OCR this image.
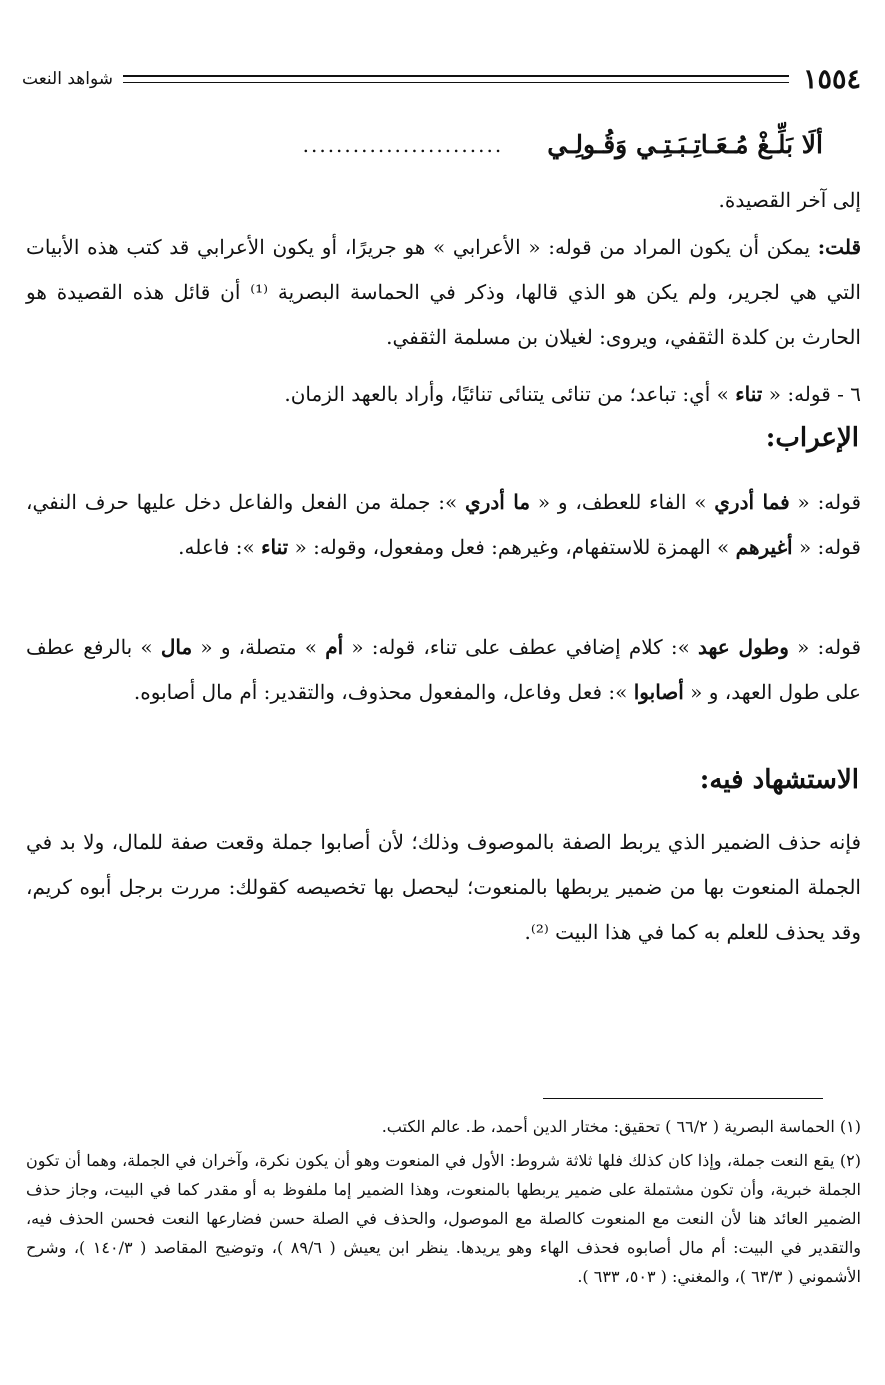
١٥٥٤
شواهد النعت
ألَا بَلِّـغْ مُـعَـاتِـبَـتِـي وَقُـولِـي
........................
إلى آخر القصيدة.
قلت: يمكن أن يكون المراد من قوله: « الأعرابي » هو جريرًا، أو يكون الأعرابي قد كتب هذه الأبيات التي هي لجرير، ولم يكن هو الذي قالها، وذكر في الحماسة البصرية ⁽¹⁾ أن قائل هذه القصيدة هو الحارث بن كلدة الثقفي، ويروى: لغيلان بن مسلمة الثقفي.
٦ - قوله: « تناء » أي: تباعد؛ من تنائى يتنائى تنائيًا، وأراد بالعهد الزمان.
الإعراب:
قوله: « فما أدري » الفاء للعطف، و « ما أدري »: جملة من الفعل والفاعل دخل عليها حرف النفي، قوله: « أغيرهم » الهمزة للاستفهام، وغيرهم: فعل ومفعول، وقوله: « تناء »: فاعله.
قوله: « وطول عهد »: كلام إضافي عطف على تناء، قوله: « أم » متصلة، و « مال » بالرفع عطف على طول العهد، و « أصابوا »: فعل وفاعل، والمفعول محذوف، والتقدير: أم مال أصابوه.
الاستشهاد فيه:
فإنه حذف الضمير الذي يربط الصفة بالموصوف وذلك؛ لأن أصابوا جملة وقعت صفة للمال، ولا بد في الجملة المنعوت بها من ضمير يربطها بالمنعوت؛ ليحصل بها تخصيصه كقولك: مررت برجل أبوه كريم، وقد يحذف للعلم به كما في هذا البيت ⁽²⁾.
(١) الحماسة البصرية ( ٦٦/٢ ) تحقيق: مختار الدين أحمد، ط. عالم الكتب.
(٢) يقع النعت جملة، وإذا كان كذلك فلها ثلاثة شروط: الأول في المنعوت وهو أن يكون نكرة، وآخران في الجملة، وهما أن تكون الجملة خبرية، وأن تكون مشتملة على ضمير يربطها بالمنعوت، وهذا الضمير إما ملفوظ به أو مقدر كما في البيت، وجاز حذف الضمير العائد هنا لأن النعت مع المنعوت كالصلة مع الموصول، والحذف في الصلة حسن فضارعها النعت فحسن الحذف فيه، والتقدير في البيت: أم مال أصابوه فحذف الهاء وهو يريدها. ينظر ابن يعيش ( ٨٩/٦ )، وتوضيح المقاصد ( ١٤٠/٣ )، وشرح الأشموني ( ٦٣/٣ )، والمغني: ( ٥٠٣، ٦٣٣ ).
